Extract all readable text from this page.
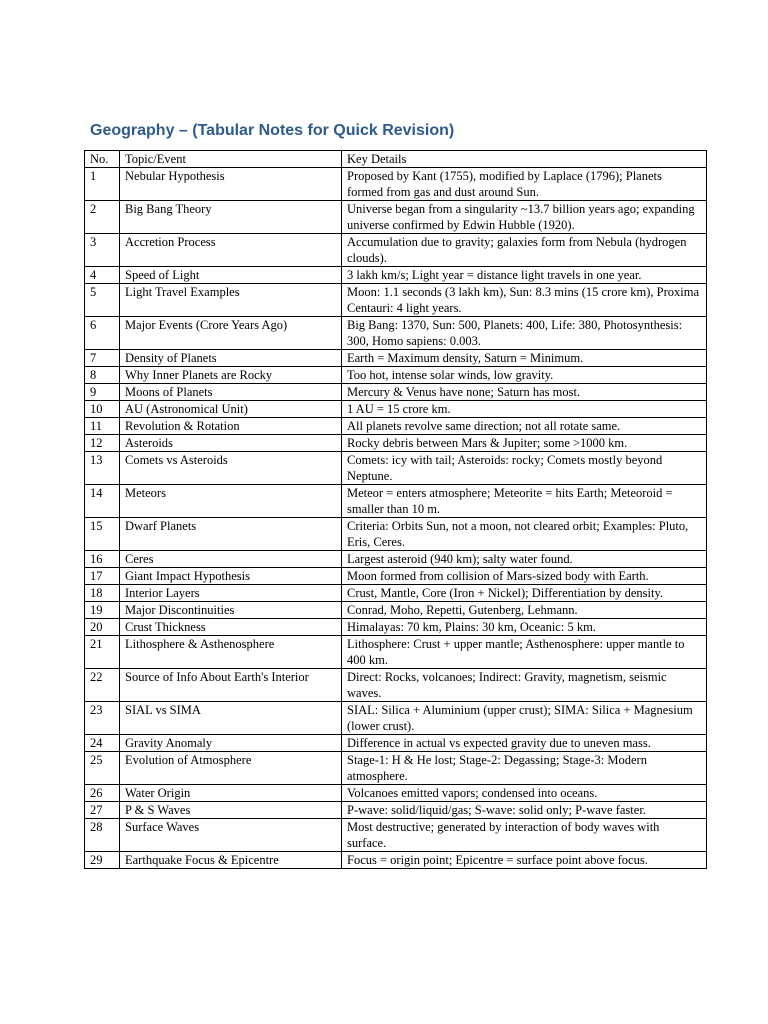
Geography – (Tabular Notes for Quick Revision)
No.	Topic/Event	Key Details
1	Nebular Hypothesis	Proposed by Kant (1755), modified by Laplace (1796); Planets formed from gas and dust around Sun.
2	Big Bang Theory	Universe began from a singularity ~13.7 billion years ago; expanding universe confirmed by Edwin Hubble (1920).
3	Accretion Process	Accumulation due to gravity; galaxies form from Nebula (hydrogen clouds).
4	Speed of Light	3 lakh km/s; Light year = distance light travels in one year.
5	Light Travel Examples	Moon: 1.1 seconds (3 lakh km), Sun: 8.3 mins (15 crore km), Proxima Centauri: 4 light years.
6	Major Events (Crore Years Ago)	Big Bang: 1370, Sun: 500, Planets: 400, Life: 380, Photosynthesis: 300, Homo sapiens: 0.003.
7	Density of Planets	Earth = Maximum density, Saturn = Minimum.
8	Why Inner Planets are Rocky	Too hot, intense solar winds, low gravity.
9	Moons of Planets	Mercury & Venus have none; Saturn has most.
10	AU (Astronomical Unit)	1 AU = 15 crore km.
11	Revolution & Rotation	All planets revolve same direction; not all rotate same.
12	Asteroids	Rocky debris between Mars & Jupiter; some >1000 km.
13	Comets vs Asteroids	Comets: icy with tail; Asteroids: rocky; Comets mostly beyond Neptune.
14	Meteors	Meteor = enters atmosphere; Meteorite = hits Earth; Meteoroid = smaller than 10 m.
15	Dwarf Planets	Criteria: Orbits Sun, not a moon, not cleared orbit; Examples: Pluto, Eris, Ceres.
16	Ceres	Largest asteroid (940 km); salty water found.
17	Giant Impact Hypothesis	Moon formed from collision of Mars-sized body with Earth.
18	Interior Layers	Crust, Mantle, Core (Iron + Nickel); Differentiation by density.
19	Major Discontinuities	Conrad, Moho, Repetti, Gutenberg, Lehmann.
20	Crust Thickness	Himalayas: 70 km, Plains: 30 km, Oceanic: 5 km.
21	Lithosphere & Asthenosphere	Lithosphere: Crust + upper mantle; Asthenosphere: upper mantle to 400 km.
22	Source of Info About Earth's Interior	Direct: Rocks, volcanoes; Indirect: Gravity, magnetism, seismic waves.
23	SIAL vs SIMA	SIAL: Silica + Aluminium (upper crust); SIMA: Silica + Magnesium (lower crust).
24	Gravity Anomaly	Difference in actual vs expected gravity due to uneven mass.
25	Evolution of Atmosphere	Stage-1: H & He lost; Stage-2: Degassing; Stage-3: Modern atmosphere.
26	Water Origin	Volcanoes emitted vapors; condensed into oceans.
27	P & S Waves	P-wave: solid/liquid/gas; S-wave: solid only; P-wave faster.
28	Surface Waves	Most destructive; generated by interaction of body waves with surface.
29	Earthquake Focus & Epicentre	Focus = origin point; Epicentre = surface point above focus.
